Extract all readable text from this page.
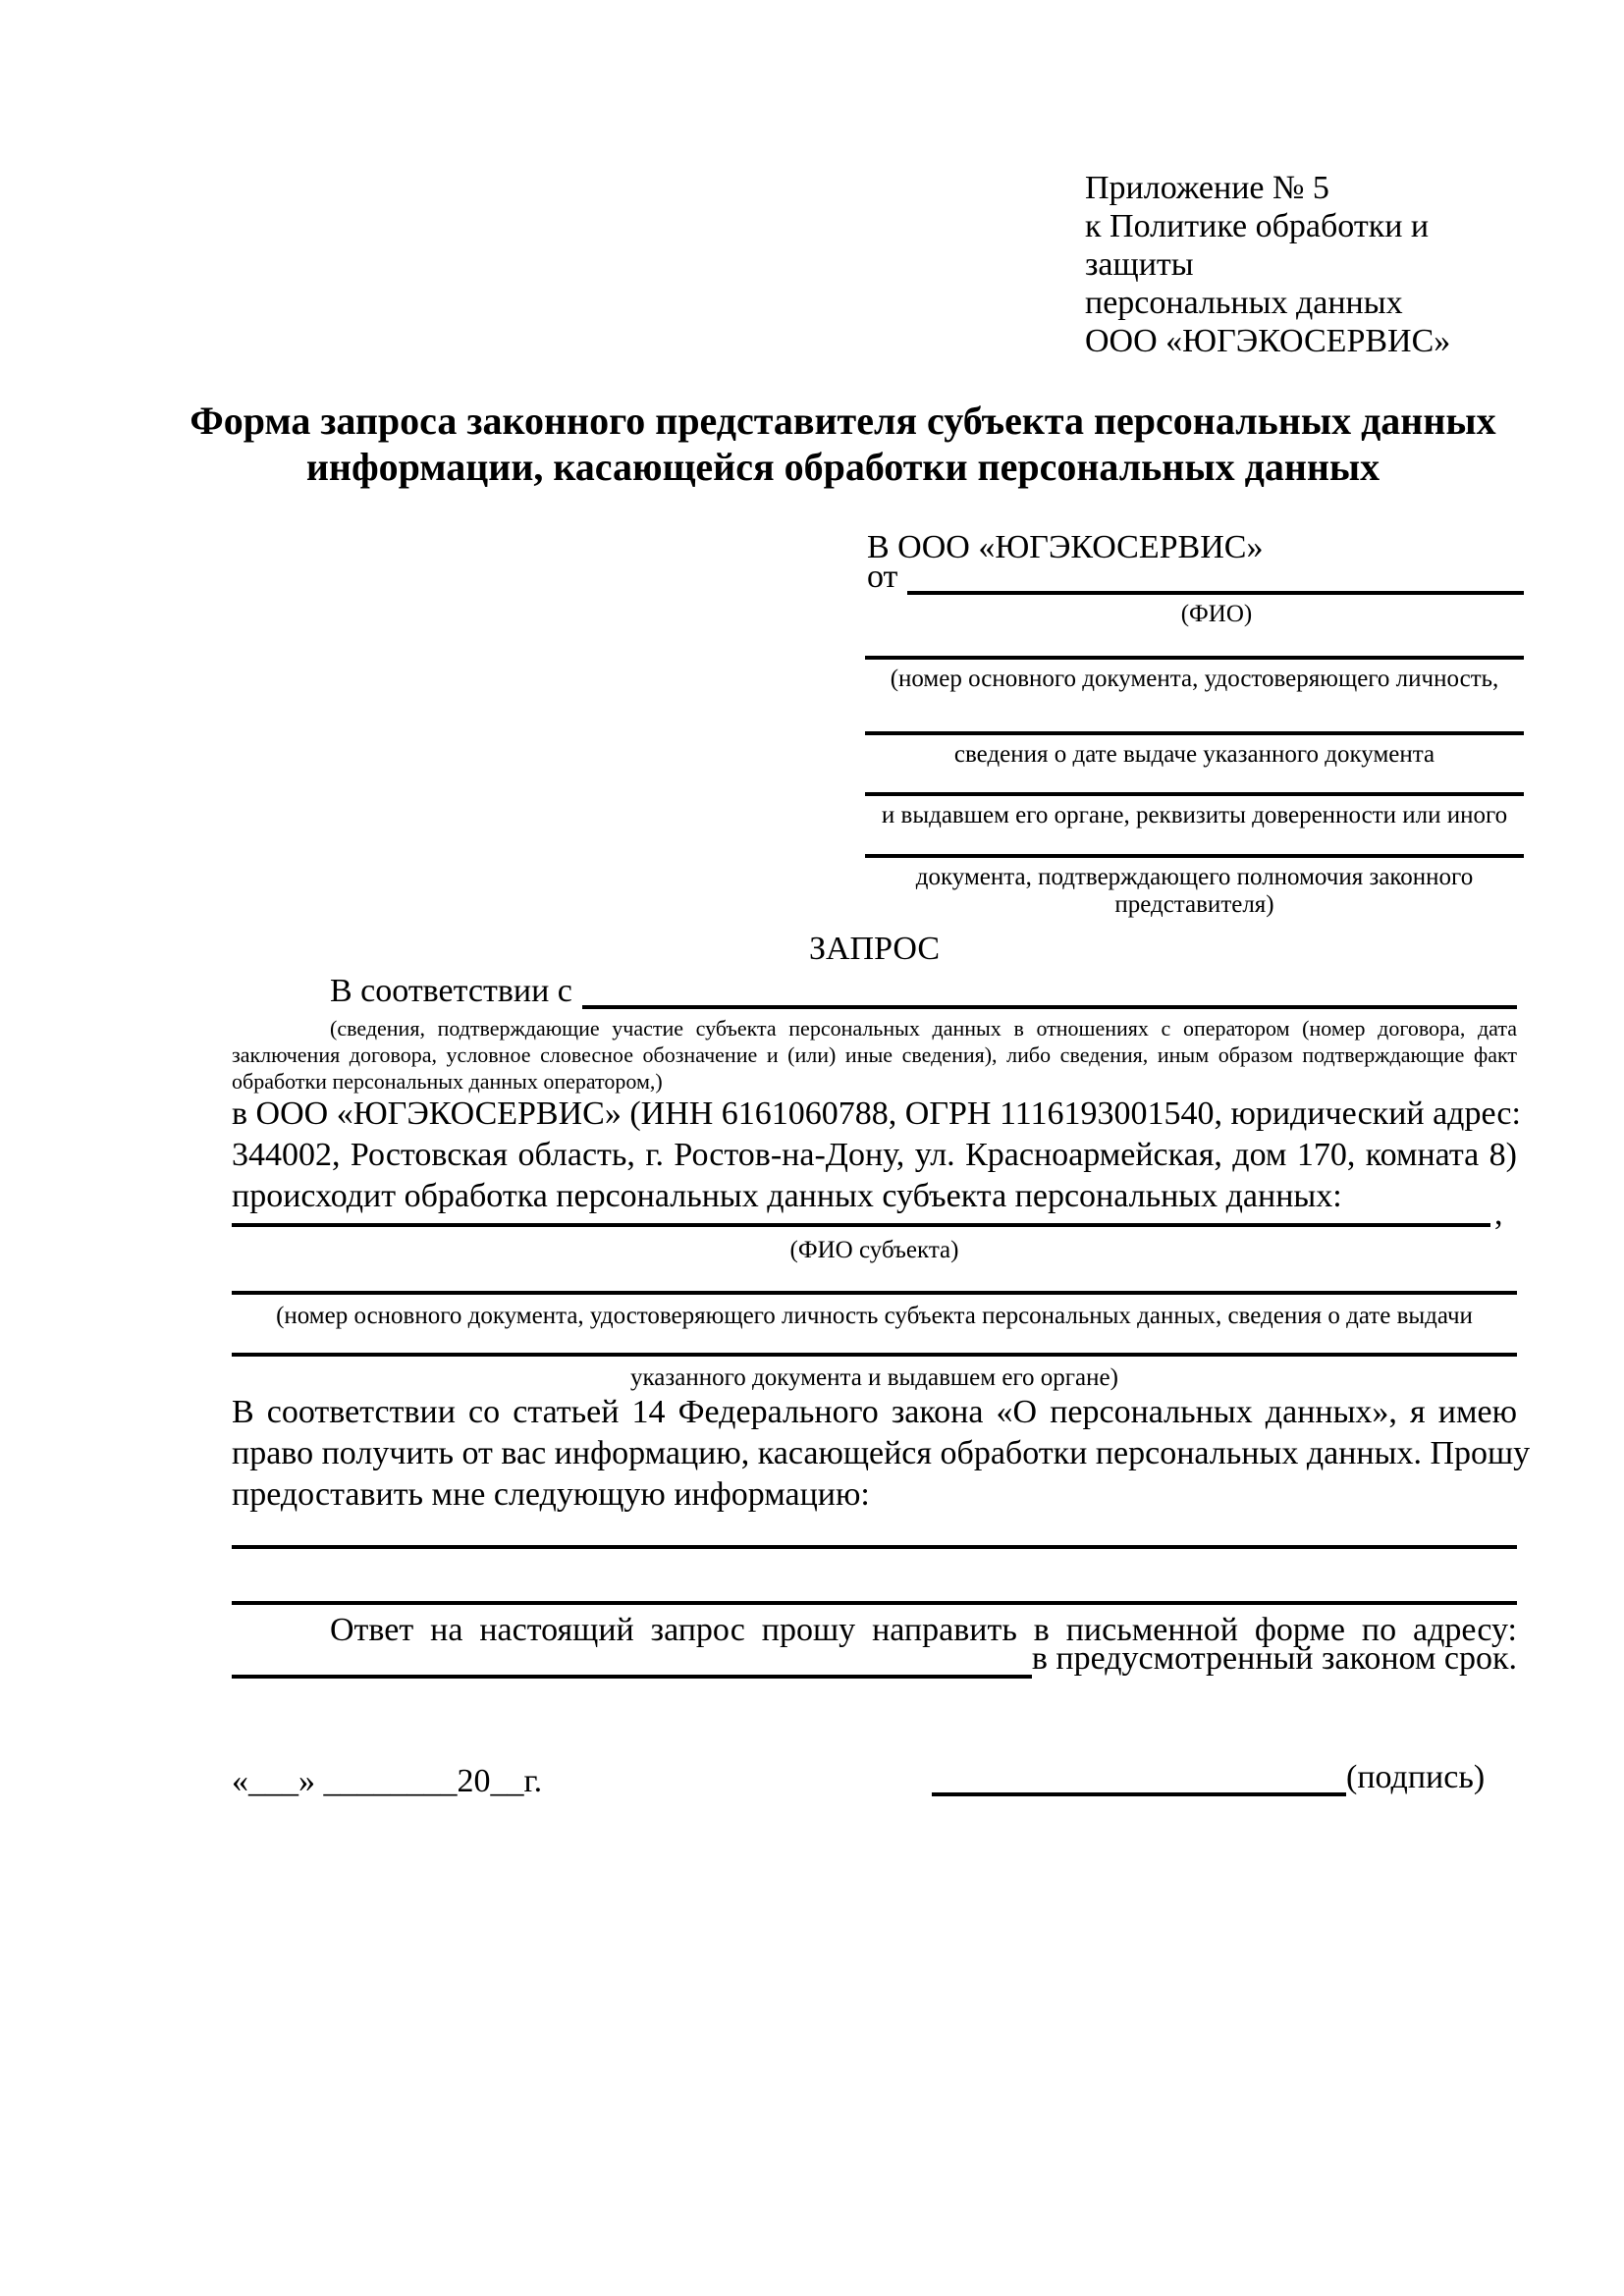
Приложение № 5
к Политике обработки и защиты
персональных данных
ООО «ЮГЭКОСЕРВИС»
Форма запроса законного представителя субъекта персональных данных
информации, касающейся обработки персональных данных
В ООО «ЮГЭКОСЕРВИС»
от
(ФИО)
(номер основного документа, удостоверяющего личность,
сведения о дате выдаче указанного документа
и выдавшем его органе, реквизиты доверенности или иного
документа, подтверждающего полномочия законного представителя)
ЗАПРОС
В соответствии с
(сведения, подтверждающие участие субъекта персональных данных в отношениях с оператором (номер договора, дата
заключения договора, условное словесное обозначение и (или) иные сведения), либо сведения, иным образом подтверждающие факт
обработки персональных данных оператором,)
в ООО «ЮГЭКОСЕРВИС» (ИНН 6161060788, ОГРН 1116193001540, юридический адрес:
344002, Ростовская область, г. Ростов-на-Дону, ул. Красноармейская, дом 170, комната 8)
происходит обработка персональных данных субъекта персональных данных:	,
(ФИО субъекта)
(номер основного документа, удостоверяющего личность субъекта персональных данных, сведения о дате выдачи
указанного документа и выдавшем его органе)
В соответствии со статьей 14 Федерального закона «О персональных данных», я имею
право получить от вас информацию, касающейся обработки персональных данных. Прошу
предоставить мне следующую информацию:
Ответ на настоящий запрос прошу направить в письменной форме по адресу:
в предусмотренный законом срок.
«___» ________20__г.	(подпись)
